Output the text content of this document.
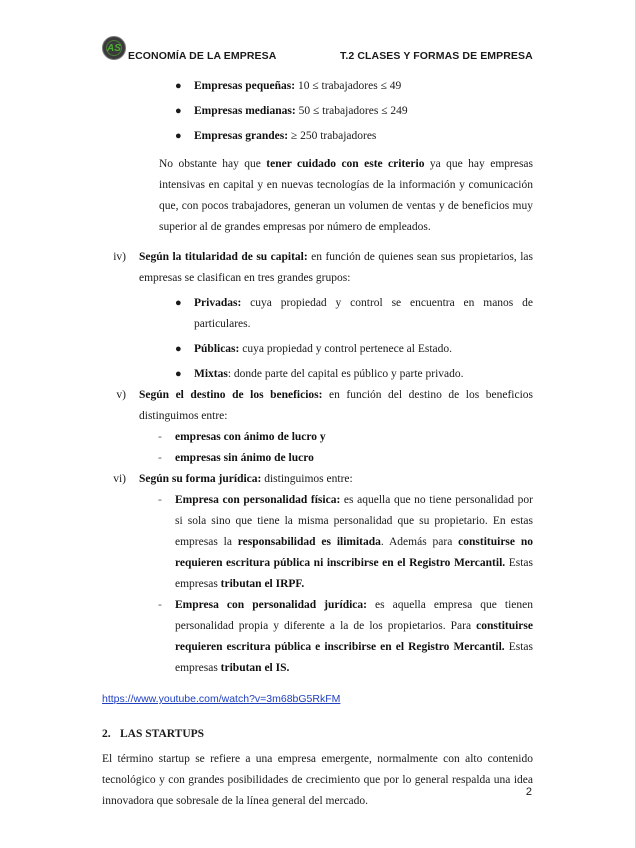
AS
ECONOMÍA DE LA EMPRESA	T.2 CLASES Y FORMAS DE EMPRESA
● Empresas pequeñas: 10 ≤ trabajadores ≤ 49
● Empresas medianas: 50 ≤ trabajadores ≤ 249
● Empresas grandes: ≥ 250 trabajadores
No obstante hay que tener cuidado con este criterio ya que hay empresas intensivas en capital y en nuevas tecnologías de la información y comunicación que, con pocos trabajadores, generan un volumen de ventas y de beneficios muy superior al de grandes empresas por número de empleados.
iv) Según la titularidad de su capital: en función de quienes sean sus propietarios, las empresas se clasifican en tres grandes grupos:
● Privadas: cuya propiedad y control se encuentra en manos de particulares.
● Públicas: cuya propiedad y control pertenece al Estado.
● Mixtas: donde parte del capital es público y parte privado.
v) Según el destino de los beneficios: en función del destino de los beneficios distinguimos entre:
- empresas con ánimo de lucro y
- empresas sin ánimo de lucro
vi) Según su forma jurídica: distinguimos entre:
- Empresa con personalidad física: es aquella que no tiene personalidad por si sola sino que tiene la misma personalidad que su propietario. En estas empresas la responsabilidad es ilimitada. Además para constituirse no requieren escritura pública ni inscribirse en el Registro Mercantil. Estas empresas tributan el IRPF.
- Empresa con personalidad jurídica: es aquella empresa que tienen personalidad propia y diferente a la de los propietarios. Para constituirse requieren escritura pública e inscribirse en el Registro Mercantil. Estas empresas tributan el IS.
https://www.youtube.com/watch?v=3m68bG5RkFM
2. LAS STARTUPS
El término startup se refiere a una empresa emergente, normalmente con alto contenido tecnológico y con grandes posibilidades de crecimiento que por lo general respalda una idea innovadora que sobresale de la línea general del mercado.
2
